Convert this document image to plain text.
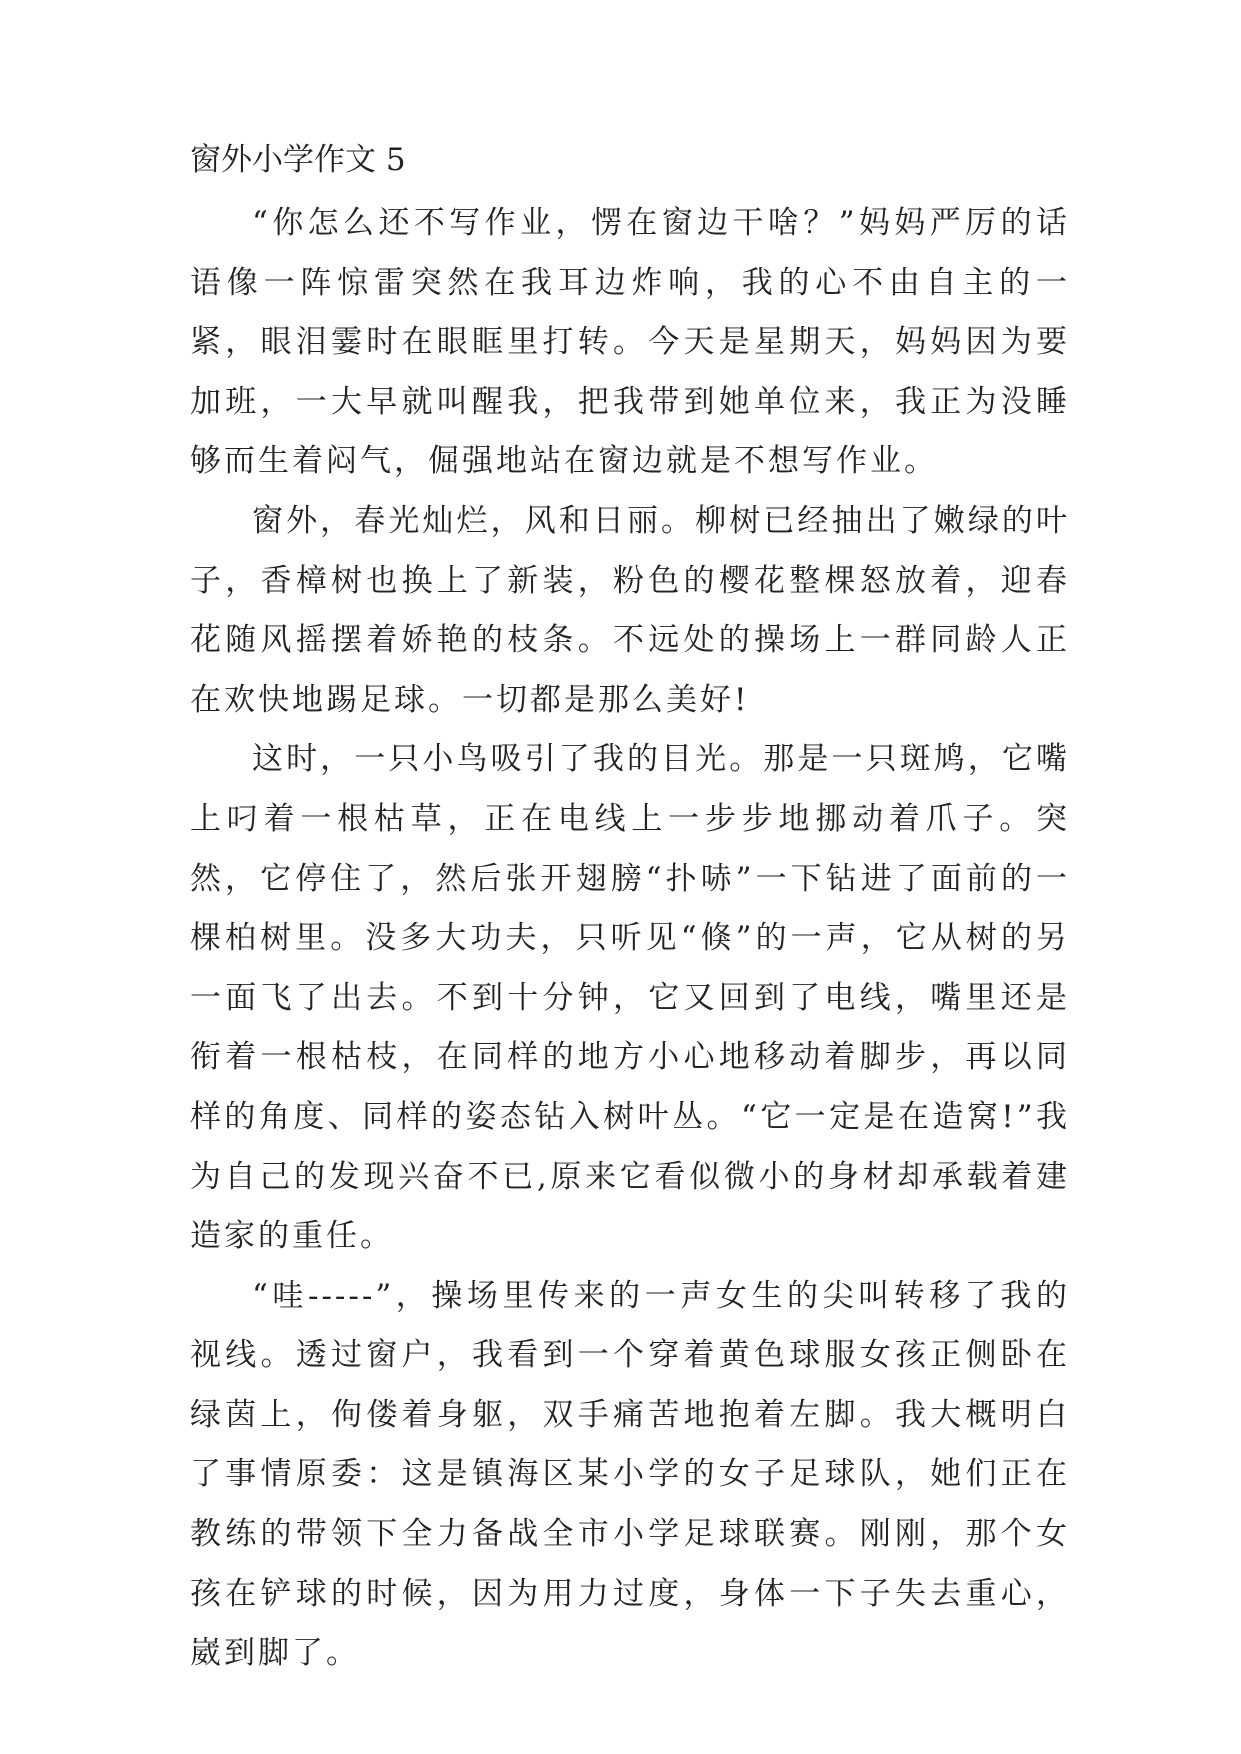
窗外小学作文 5

“你怎么还不写作业，愣在窗边干啥？”妈妈严厉的话语像一阵惊雷突然在我耳边炸响，我的心不由自主的一紧，眼泪霎时在眼眶里打转。今天是星期天，妈妈因为要加班，一大早就叫醒我，把我带到她单位来，我正为没睡够而生着闷气，倔强地站在窗边就是不想写作业。

窗外，春光灿烂，风和日丽。柳树已经抽出了嫩绿的叶子，香樟树也换上了新装，粉色的樱花整棵怒放着，迎春花随风摇摆着娇艳的枝条。不远处的操场上一群同龄人正在欢快地踢足球。一切都是那么美好!

这时，一只小鸟吸引了我的目光。那是一只斑鸠，它嘴上叼着一根枯草，正在电线上一步步地挪动着爪子。突然，它停住了，然后张开翅膀“扑哧”一下钻进了面前的一棵柏树里。没多大功夫，只听见“倏”的一声，它从树的另一面飞了出去。不到十分钟，它又回到了电线，嘴里还是衔着一根枯枝，在同样的地方小心地移动着脚步，再以同样的角度、同样的姿态钻入树叶丛。“它一定是在造窝!”我为自己的发现兴奋不已,原来它看似微小的身材却承载着建造家的重任。

“哇-----”，操场里传来的一声女生的尖叫转移了我的视线。透过窗户，我看到一个穿着黄色球服女孩正侧卧在绿茵上，佝偻着身躯，双手痛苦地抱着左脚。我大概明白了事情原委：这是镇海区某小学的女子足球队，她们正在教练的带领下全力备战全市小学足球联赛。刚刚，那个女孩在铲球的时候，因为用力过度，身体一下子失去重心，崴到脚了。
